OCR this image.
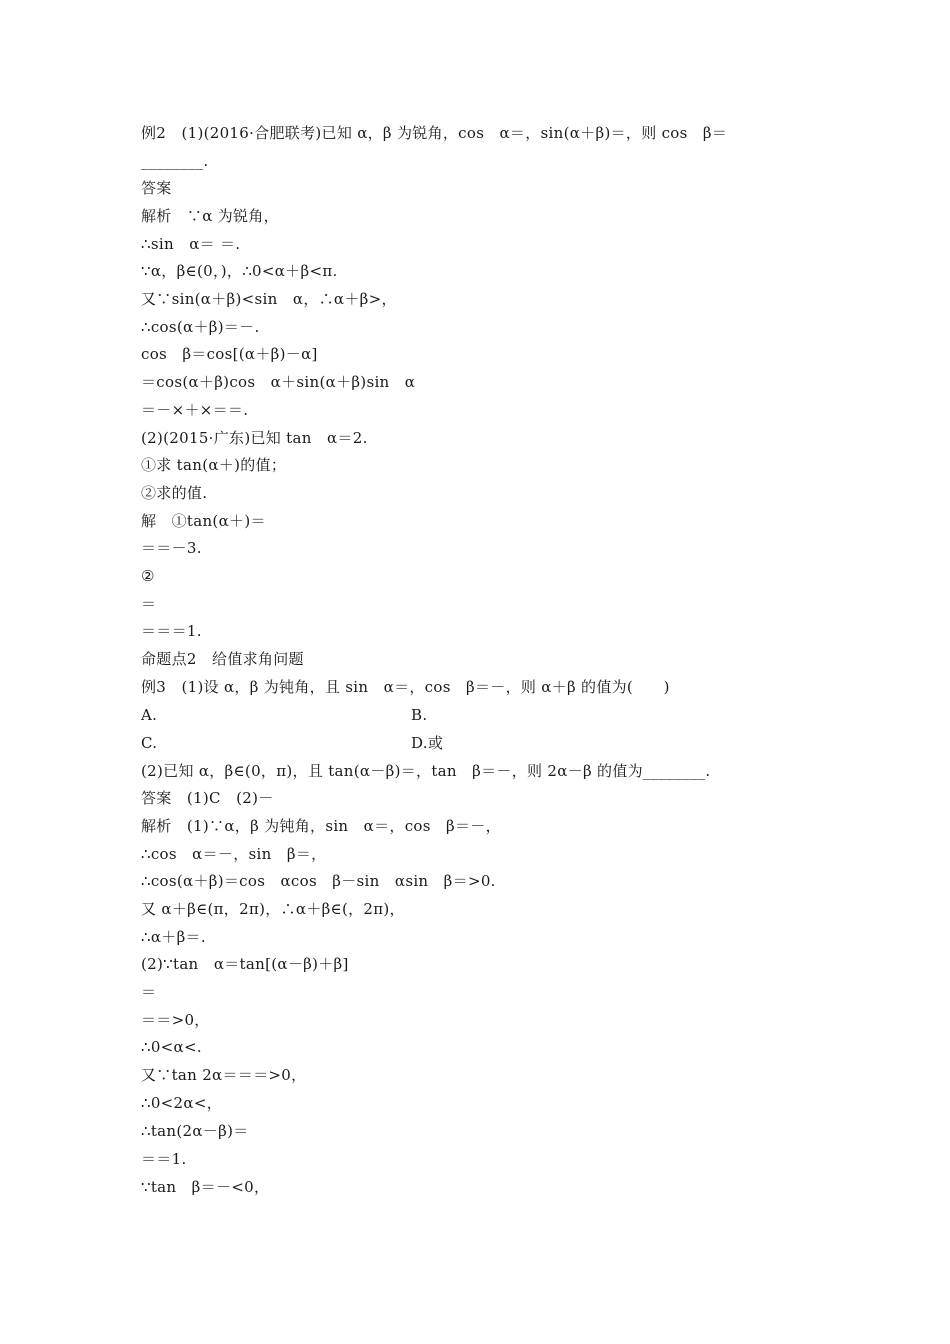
例2　(1)(2016·合肥联考)已知 α，β 为锐角，cos　α＝，sin(α＋β)＝，则 cos　β＝
________.
答案
解析　∵α 为锐角，
∴sin　α＝ ＝.
∵α，β∈(0，)，∴0<α＋β<π.
又∵sin(α＋β)<sin　α，∴α＋β>，
∴cos(α＋β)＝－.
cos　β＝cos[(α＋β)－α]
＝cos(α＋β)cos　α＋sin(α＋β)sin　α
＝－×＋×＝＝.
(2)(2015·广东)已知 tan　α＝2.
①求 tan(α＋)的值；
②求的值.
解　①tan(α＋)＝
＝＝－3.
②
＝
＝＝＝1.
命题点2　给值求角问题
例3　(1)设 α，β 为钝角，且 sin　α＝，cos　β＝－，则 α＋β 的值为(　　)
A.	B.
C.	D.或
(2)已知 α，β∈(0，π)，且 tan(α－β)＝，tan　β＝－，则 2α－β 的值为________.
答案　(1)C　(2)－
解析　(1)∵α，β 为钝角，sin　α＝，cos　β＝－，
∴cos　α＝－，sin　β＝，
∴cos(α＋β)＝cos　αcos　β－sin　αsin　β＝>0.
又 α＋β∈(π，2π)，∴α＋β∈(，2π)，
∴α＋β＝.
(2)∵tan　α＝tan[(α－β)＋β]
＝
＝＝>0，
∴0<α<.
又∵tan 2α＝＝＝>0，
∴0<2α<，
∴tan(2α－β)＝
＝＝1.
∵tan　β＝－<0，
